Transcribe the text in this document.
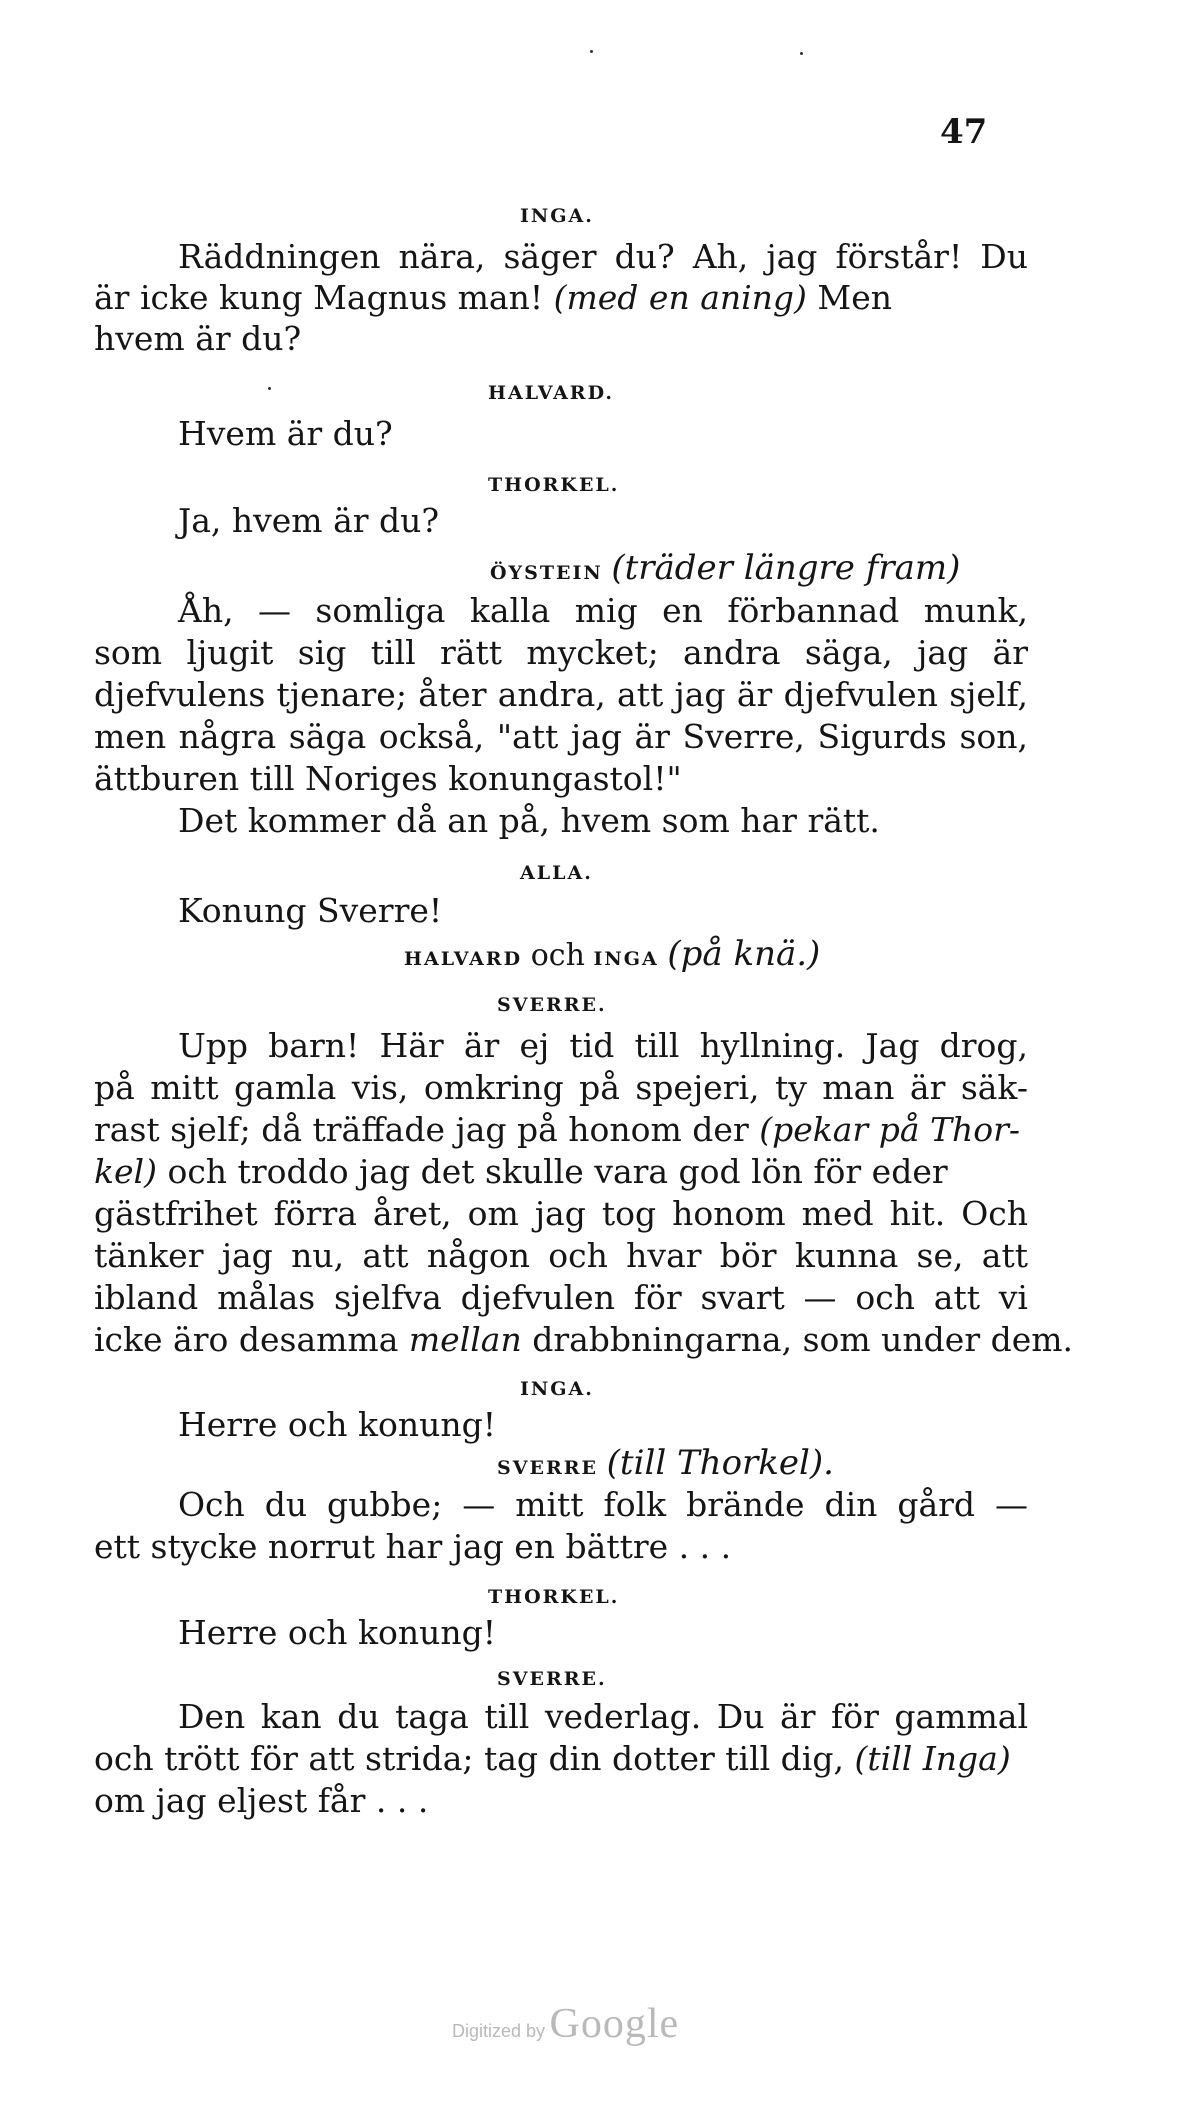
47
INGA.
Räddningen nära, säger du? Ah, jag förstår! Du
är icke kung Magnus man! (med en aning) Men
hvem är du?
HALVARD.
Hvem är du?
THORKEL.
Ja, hvem är du?
ÖYSTEIN (träder längre fram)
Åh, — somliga kalla mig en förbannad munk,
som ljugit sig till rätt mycket; andra säga, jag är
djefvulens tjenare; åter andra, att jag är djefvulen sjelf,
men några säga också, "att jag är Sverre, Sigurds son,
ättburen till Noriges konungastol!"
Det kommer då an på, hvem som har rätt.
ALLA.
Konung Sverre!
HALVARD och INGA (på knä.)
SVERRE.
Upp barn! Här är ej tid till hyllning. Jag drog,
på mitt gamla vis, omkring på spejeri, ty man är säk-
rast sjelf; då träffade jag på honom der (pekar på Thor-
kel) och troddo jag det skulle vara god lön för eder
gästfrihet förra året, om jag tog honom med hit. Och
tänker jag nu, att någon och hvar bör kunna se, att
ibland målas sjelfva djefvulen för svart — och att vi
icke äro desamma mellan drabbningarna, som under dem.
INGA.
Herre och konung!
SVERRE (till Thorkel).
Och du gubbe; — mitt folk brände din gård —
ett stycke norrut har jag en bättre . . .
THORKEL.
Herre och konung!
SVERRE.
Den kan du taga till vederlag. Du är för gammal
och trött för att strida; tag din dotter till dig, (till Inga)
om jag eljest får . . .
Digitized by Google
